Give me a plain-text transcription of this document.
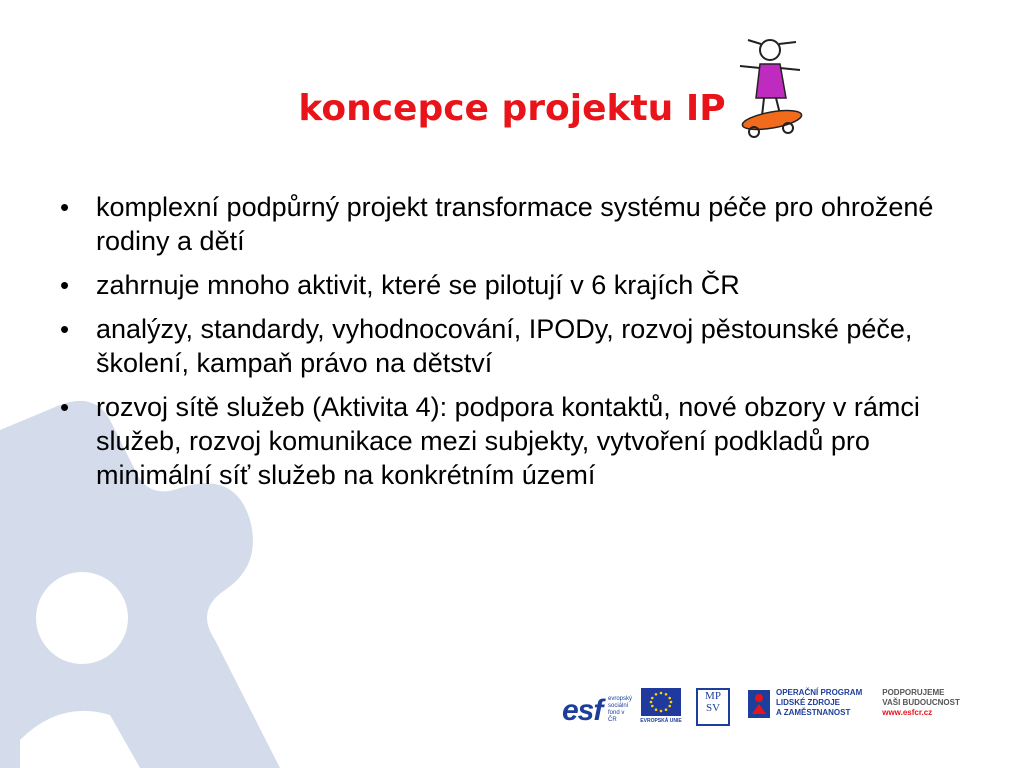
koncepce projektu IP
• komplexní podpůrný projekt transformace systému péče pro ohrožené rodiny a dětí
• zahrnuje mnoho aktivit, které se pilotují v 6 krajích ČR
• analýzy, standardy, vyhodnocování, IPODy, rozvoj pěstounské péče, školení, kampaň právo na dětství
• rozvoj sítě služeb (Aktivita 4): podpora kontaktů, nové obzory v rámci služeb, rozvoj komunikace mezi subjekty, vytvoření podkladů pro minimální síť služeb na konkrétním území
esf evropský
sociální
fond v ČR	EVROPSKÁ UNIE
MP
SV
OPERAČNÍ PROGRAM
LIDSKÉ ZDROJE
A ZAMĚSTNANOST
PODPORUJEME
VAŠI BUDOUCNOST
www.esfcr.cz
